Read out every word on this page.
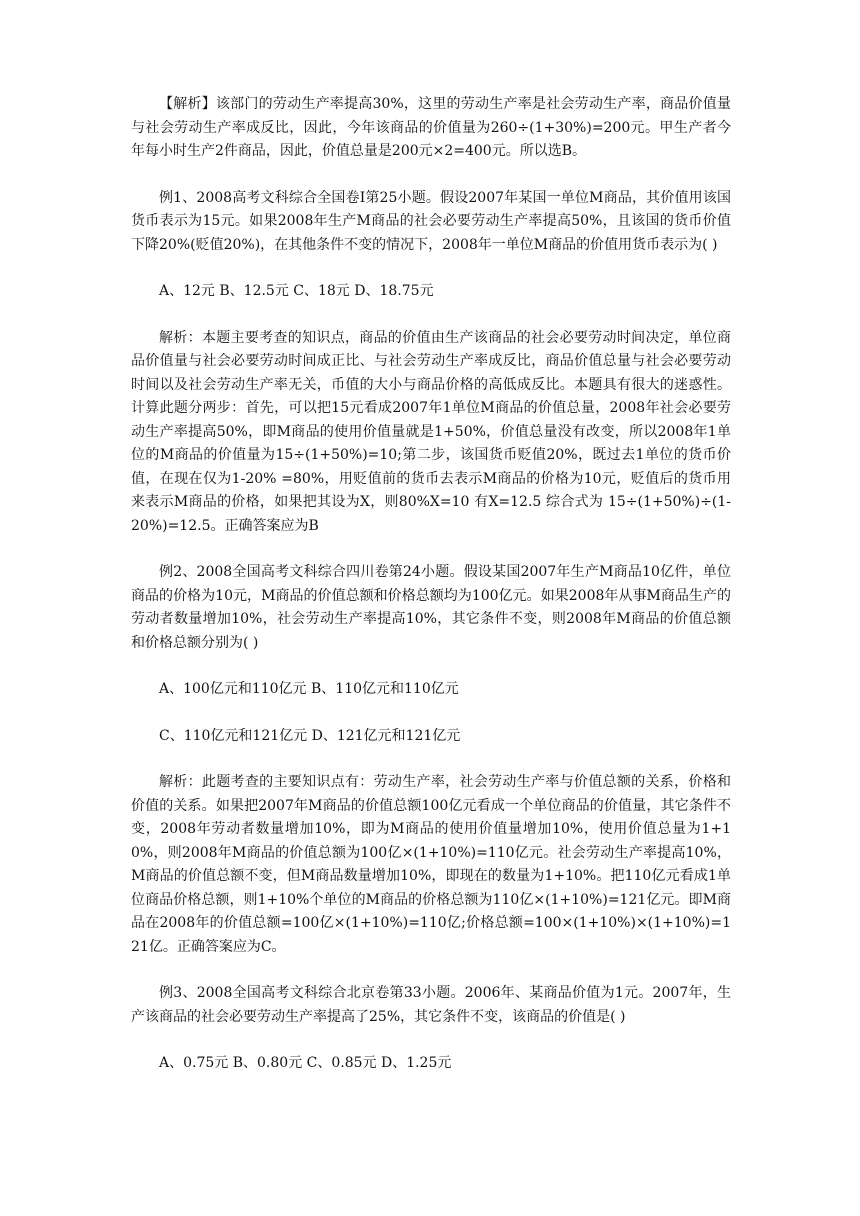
【解析】该部门的劳动生产率提高30%，这里的劳动生产率是社会劳动生产率，商品价值量与社会劳动生产率成反比，因此，今年该商品的价值量为260÷(1+30%)=200元。甲生产者今年每小时生产2件商品，因此，价值总量是200元×2=400元。所以选B。

例1、2008高考文科综合全国卷Ⅰ第25小题。假设2007年某国一单位M商品，其价值用该国货币表示为15元。如果2008年生产M商品的社会必要劳动生产率提高50%，且该国的货币价值下降20%(贬值20%)，在其他条件不变的情况下，2008年一单位M商品的价值用货币表示为( )

A、12元 B、12.5元 C、18元 D、18.75元

解析：本题主要考查的知识点，商品的价值由生产该商品的社会必要劳动时间决定，单位商品价值量与社会必要劳动时间成正比、与社会劳动生产率成反比，商品价值总量与社会必要劳动时间以及社会劳动生产率无关，币值的大小与商品价格的高低成反比。本题具有很大的迷惑性。计算此题分两步：首先，可以把15元看成2007年1单位M商品的价值总量，2008年社会必要劳动生产率提高50%，即M商品的使用价值量就是1+50%，价值总量没有改变，所以2008年1单位的M商品的价值量为15÷(1+50%)=10;第二步，该国货币贬值20%，既过去1单位的货币价值，在现在仅为1-20% =80%，用贬值前的货币去表示M商品的价格为10元，贬值后的货币用来表示M商品的价格，如果把其设为X，则80%X=10 有X=12.5 综合式为 15÷(1+50%)÷(1-20%)=12.5。正确答案应为B

例2、2008全国高考文科综合四川卷第24小题。假设某国2007年生产M商品10亿件，单位商品的价格为10元，M商品的价值总额和价格总额均为100亿元。如果2008年从事M商品生产的劳动者数量增加10%，社会劳动生产率提高10%，其它条件不变，则2008年M商品的价值总额和价格总额分别为( )

A、100亿元和110亿元 B、110亿元和110亿元

C、110亿元和121亿元 D、121亿元和121亿元

解析：此题考查的主要知识点有：劳动生产率，社会劳动生产率与价值总额的关系，价格和价值的关系。如果把2007年M商品的价值总额100亿元看成一个单位商品的价值量，其它条件不变，2008年劳动者数量增加10%，即为M商品的使用价值量增加10%，使用价值总量为1+10%，则2008年M商品的价值总额为100亿×(1+10%)=110亿元。社会劳动生产率提高10%，M商品的价值总额不变，但M商品数量增加10%，即现在的数量为1+10%。把110亿元看成1单位商品价格总额，则1+10%个单位的M商品的价格总额为110亿×(1+10%)=121亿元。即M商品在2008年的价值总额=100亿×(1+10%)=110亿;价格总额=100×(1+10%)×(1+10%)=121亿。正确答案应为C。

例3、2008全国高考文科综合北京卷第33小题。2006年、某商品价值为1元。2007年，生产该商品的社会必要劳动生产率提高了25%，其它条件不变，该商品的价值是( )

A、0.75元 B、0.80元 C、0.85元 D、1.25元
